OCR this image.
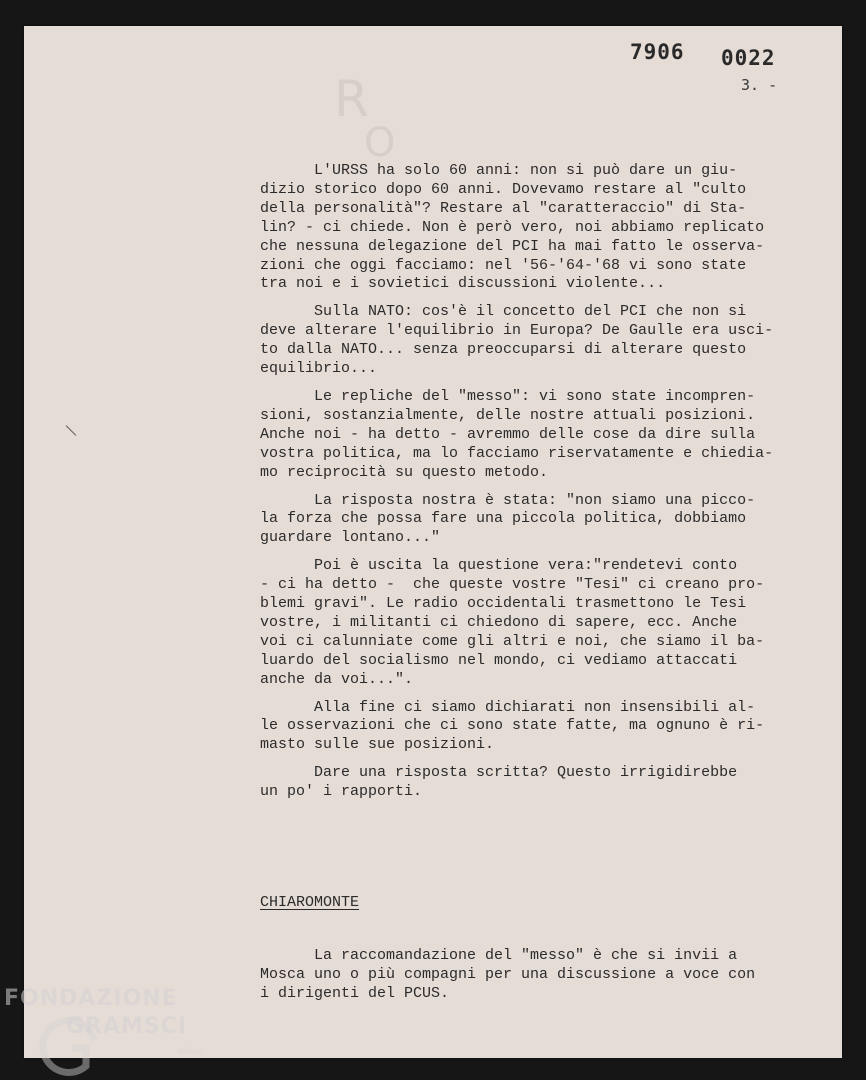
R
O
7906 0022
3. -

L'URSS ha solo 60 anni: non si può dare un giu-
dizio storico dopo 60 anni. Dovevamo restare al "culto
della personalità"? Restare al "caratteraccio" di Sta-
lin? - ci chiede. Non è però vero, noi abbiamo replicato
che nessuna delegazione del PCI ha mai fatto le osserva-
zioni che oggi facciamo: nel '56-'64-'68 vi sono state
tra noi e i sovietici discussioni violente...

Sulla NATO: cos'è il concetto del PCI che non si
deve alterare l'equilibrio in Europa? De Gaulle era usci-
to dalla NATO... senza preoccuparsi di alterare questo
equilibrio...

Le repliche del "messo": vi sono state incompren-
sioni, sostanzialmente, delle nostre attuali posizioni.
Anche noi - ha detto - avremmo delle cose da dire sulla
vostra politica, ma lo facciamo riservatamente e chiedia-
mo reciprocità su questo metodo.

La risposta nostra è stata: "non siamo una picco-
la forza che possa fare una piccola politica, dobbiamo
guardare lontano..."

Poi è uscita la questione vera:"rendetevi conto
- ci ha detto -  che queste vostre "Tesi" ci creano pro-
blemi gravi". Le radio occidentali trasmettono le Tesi
vostre, i militanti ci chiedono di sapere, ecc. Anche
voi ci calunniate come gli altri e noi, che siamo il ba-
luardo del socialismo nel mondo, ci vediamo attaccati
anche da voi...".

Alla fine ci siamo dichiarati non insensibili al-
le osservazioni che ci sono state fatte, ma ognuno è ri-
masto sulle sue posizioni.

Dare una risposta scritta? Questo irrigidirebbe
un po' i rapporti.

CHIAROMONTE
La raccomandazione del "messo" è che si invii a
Mosca uno o più compagni per una discussione a voce con
i dirigenti del PCUS.
FONDAZIONE
GRAMSCI
onlus
